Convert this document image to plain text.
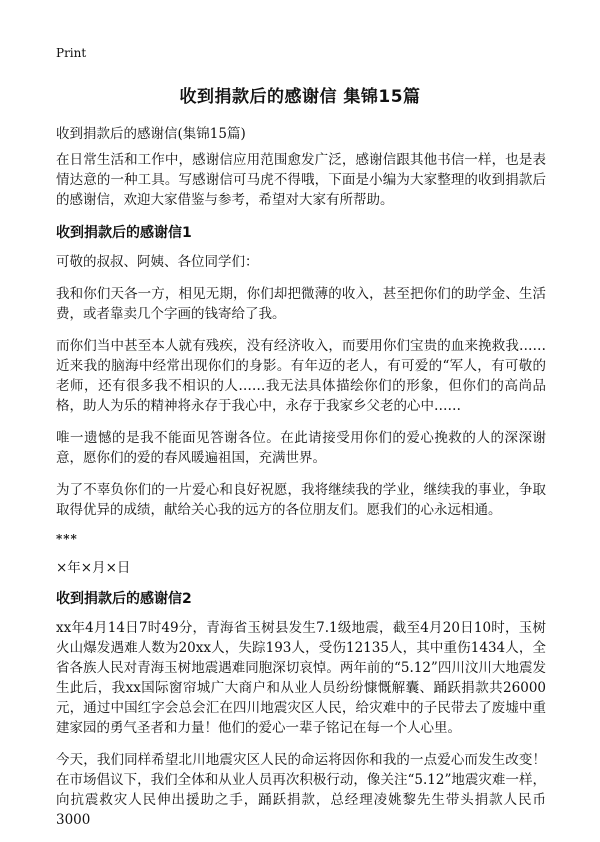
Print
收到捐款后的感谢信 集锦15篇
收到捐款后的感谢信(集锦15篇)

在日常生活和工作中，感谢信应用范围愈发广泛，感谢信跟其他书信一样，也是表情达意的一种工具。写感谢信可马虎不得哦，下面是小编为大家整理的收到捐款后的感谢信，欢迎大家借鉴与参考，希望对大家有所帮助。

收到捐款后的感谢信1

可敬的叔叔、阿姨、各位同学们：

我和你们天各一方，相见无期，你们却把微薄的收入，甚至把你们的助学金、生活费，或者靠卖几个字画的钱寄给了我。

而你们当中甚至本人就有残疾，没有经济收入，而要用你们宝贵的血来挽救我……近来我的脑海中经常出现你们的身影。有年迈的老人，有可爱的“军人，有可敬的老师，还有很多我不相识的人……我无法具体描绘你们的形象，但你们的高尚品格，助人为乐的精神将永存于我心中，永存于我家乡父老的心中……

唯一遗憾的是我不能面见答谢各位。在此请接受用你们的爱心挽救的人的深深谢意，愿你们的爱的春风暖遍祖国，充满世界。

为了不辜负你们的一片爱心和良好祝愿，我将继续我的学业，继续我的事业，争取取得优异的成绩，献给关心我的远方的各位朋友们。愿我们的心永远相通。

***
×年×月×日
收到捐款后的感谢信2

xx年4月14日7时49分，青海省玉树县发生7.1级地震，截至4月20日10时，玉树火山爆发遇难人数为20xx人，失踪193人，受伤12135人，其中重伤1434人，全省各族人民对青海玉树地震遇难同胞深切哀悼。两年前的“5.12”四川汶川大地震发生此后，我xx国际窗帘城广大商户和从业人员纷纷慷慨解囊、踊跃捐款共26000元，通过中国红字会总会汇在四川地震灾区人民，给灾难中的子民带去了废墟中重建家园的勇气圣者和力量！他们的爱心一辈子铭记在每一个人心里。

今天，我们同样希望北川地震灾区人民的命运将因你和我的一点爱心而发生改变！在市场倡议下，我们全体和从业人员再次积极行动，像关注“5.12”地震灾难一样，向抗震救灾人民伸出援助之手，踊跃捐款，总经理凌姚黎先生带头捐款人民币3000
